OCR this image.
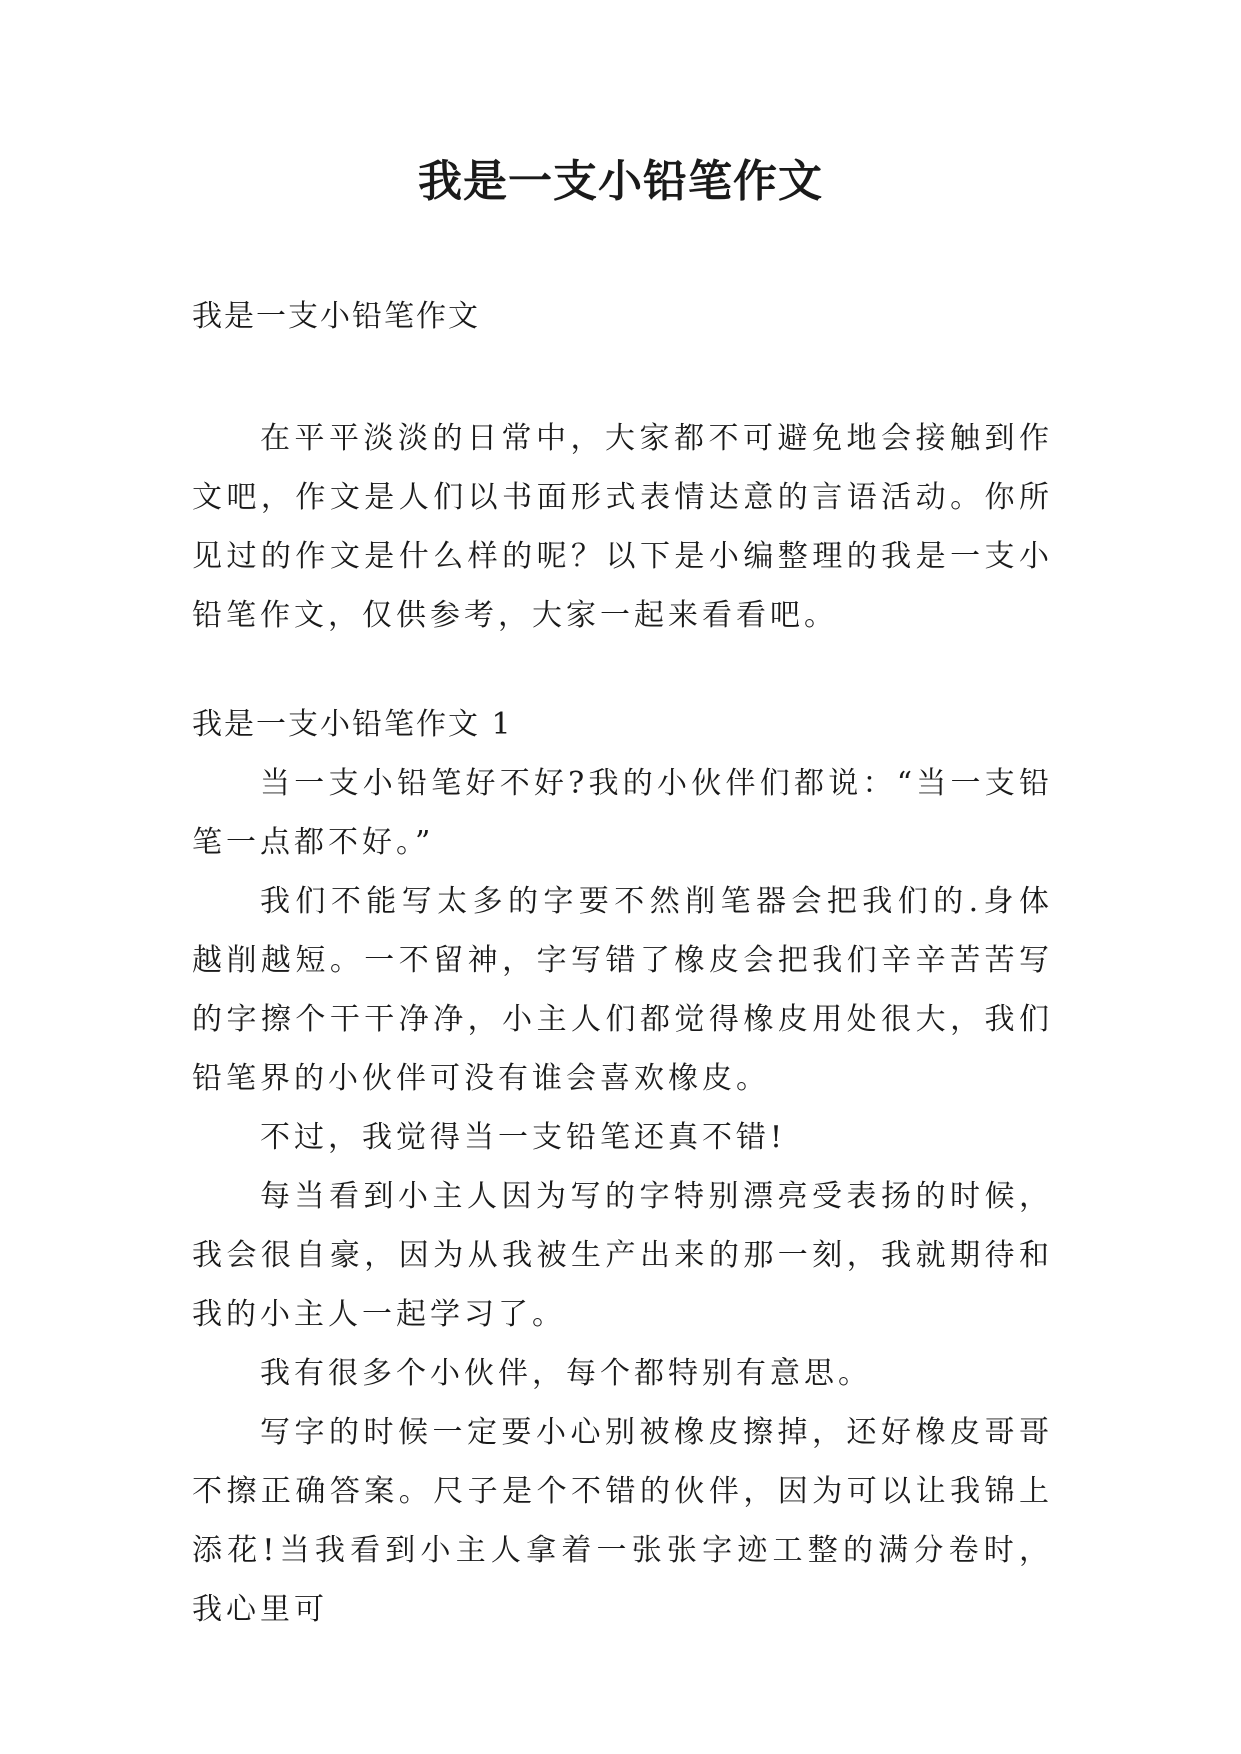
我是一支小铅笔作文
我是一支小铅笔作文

在平平淡淡的日常中，大家都不可避免地会接触到作文吧，作文是人们以书面形式表情达意的言语活动。你所见过的作文是什么样的呢？以下是小编整理的我是一支小铅笔作文，仅供参考，大家一起来看看吧。

我是一支小铅笔作文 1

当一支小铅笔好不好?我的小伙伴们都说：“当一支铅笔一点都不好。”

我们不能写太多的字要不然削笔器会把我们的.身体越削越短。一不留神，字写错了橡皮会把我们辛辛苦苦写的字擦个干干净净，小主人们都觉得橡皮用处很大，我们铅笔界的小伙伴可没有谁会喜欢橡皮。

不过，我觉得当一支铅笔还真不错!

每当看到小主人因为写的字特别漂亮受表扬的时候，我会很自豪，因为从我被生产出来的那一刻，我就期待和我的小主人一起学习了。

我有很多个小伙伴，每个都特别有意思。

写字的时候一定要小心别被橡皮擦掉，还好橡皮哥哥不擦正确答案。尺子是个不错的伙伴，因为可以让我锦上添花!当我看到小主人拿着一张张字迹工整的满分卷时，我心里可
